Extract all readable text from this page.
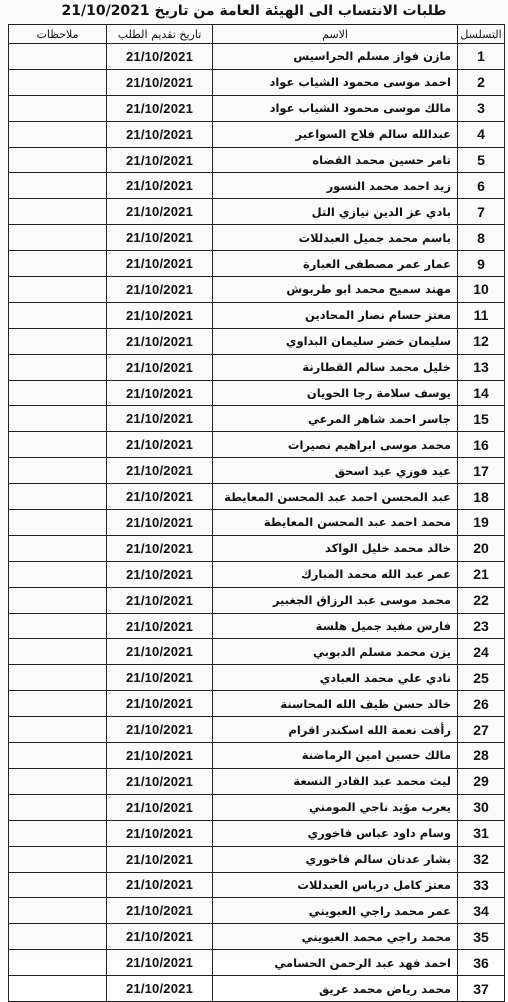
طلبات الانتساب الى الهيئة العامة من تاريخ 21/10/2021
ملاحظات	تاريخ تقديم الطلب	الاسم	التسلسل
	21/10/2021	مازن فواز مسلم الحراسيس	1
	21/10/2021	احمد موسى محمود الشياب عواد	2
	21/10/2021	مالك موسى محمود الشياب عواد	3
	21/10/2021	عبدالله سالم فلاح السواعير	4
	21/10/2021	تامر حسين محمد القضاه	5
	21/10/2021	زيد احمد محمد النسور	6
	21/10/2021	بادي عز الدين نيازي التل	7
	21/10/2021	باسم محمد جميل العبدللات	8
	21/10/2021	عمار عمر مصطفى العبارة	9
	21/10/2021	مهند سميح محمد ابو طربوش	10
	21/10/2021	معتز حسام نصار المحادين	11
	21/10/2021	سليمان خضر سليمان البداوي	12
	21/10/2021	خليل محمد سالم القطارنة	13
	21/10/2021	يوسف سلامة رجا الحويان	14
	21/10/2021	جاسر احمد شاهر المرعي	15
	21/10/2021	محمد موسى ابراهيم نصيرات	16
	21/10/2021	عيد فوزي عيد اسحق	17
	21/10/2021	عبد المحسن احمد عبد المحسن المعايطة	18
	21/10/2021	محمد احمد عبد المحسن المعايطة	19
	21/10/2021	خالد محمد خليل الواكد	20
	21/10/2021	عمر عبد الله محمد المبارك	21
	21/10/2021	محمد موسى عبد الرزاق الجغبير	22
	21/10/2021	فارس مفيد جميل هلسة	23
	21/10/2021	يزن محمد مسلم الدبوبي	24
	21/10/2021	نادي علي محمد العبادي	25
	21/10/2021	خالد حسن ظيف الله المحاسنة	26
	21/10/2021	رأفت نعمة الله اسكندر اقرام	27
	21/10/2021	مالك حسين امين الرماضنة	28
	21/10/2021	ليث محمد عبد القادر النسعة	29
	21/10/2021	يعرب مؤيد ناجي المومني	30
	21/10/2021	وسام داود عباس فاخوري	31
	21/10/2021	بشار عدنان سالم فاخوري	32
	21/10/2021	معتز كامل درباس العبدللات	33
	21/10/2021	عمر محمد راجي العبويني	34
	21/10/2021	محمد راجي محمد العبويني	35
	21/10/2021	احمد فهد عبد الرحمن الحسامي	36
	21/10/2021	محمد رياض محمد عريق	37
